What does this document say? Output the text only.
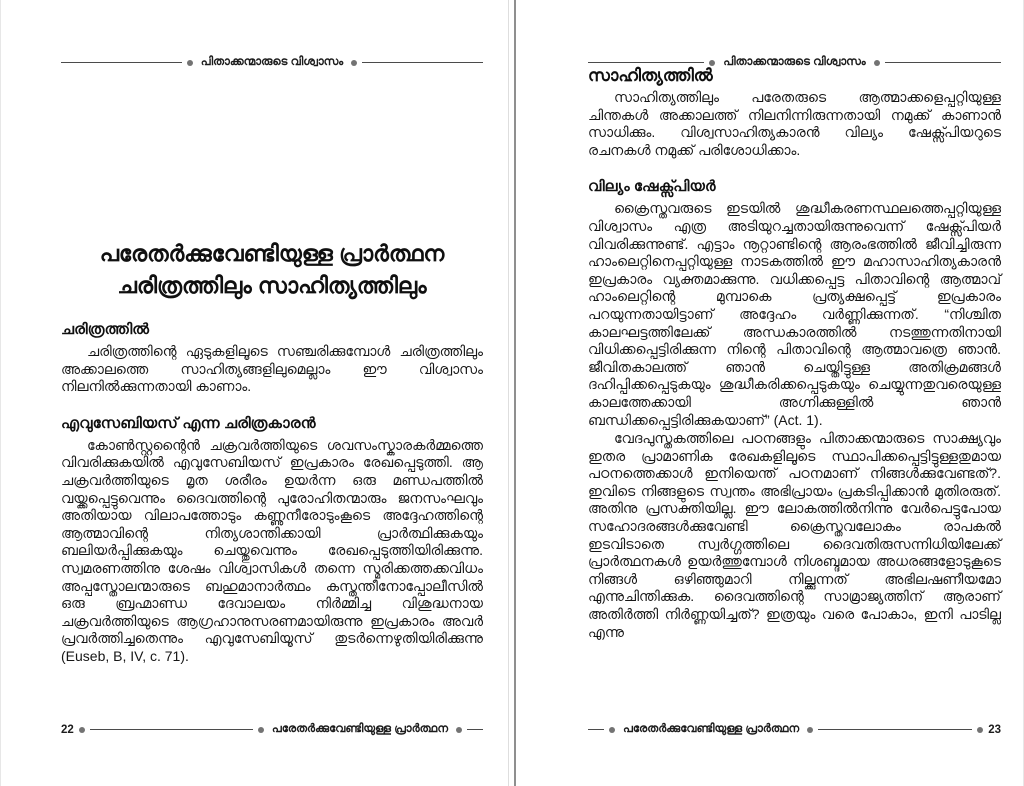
പിതാക്കന്മാരുടെ വിശ്വാസം
പരേതർക്കുവേണ്ടിയുള്ള പ്രാർത്ഥന
ചരിത്രത്തിലും സാഹിത്യത്തിലും
ചരിത്രത്തിൽ

ചരിത്രത്തിന്റെ ഏടുകളിലൂടെ സഞ്ചരിക്കുമ്പോൾ ചരിത്രത്തിലും അക്കാലത്തെ സാഹിത്യങ്ങളിലുമെല്ലാം ഈ വിശ്വാസം നിലനിൽക്കുന്നതായി കാണാം.

എവുസേബിയസ് എന്ന ചരിത്രകാരൻ

കോൺസ്റ്റന്റൈൻ ചക്രവർത്തിയുടെ ശവസംസ്കാരകർമ്മത്തെ വിവരിക്കുകയിൽ എവുസേബിയസ് ഇപ്രകാരം രേഖപ്പെടുത്തി. ആ ചക്രവർത്തിയുടെ മൃത ശരീരം ഉയർന്ന ഒരു മണ്ഡപത്തിൽ വയ്ക്കപ്പെട്ടുവെന്നും ദൈവത്തിന്റെ പുരോഹിതന്മാരും ജനസംഘവും അതിയായ വിലാപത്തോടും കണ്ണുനീരോടുംകൂടെ അദ്ദേഹത്തിന്റെ ആത്മാവിന്റെ നിത്യശാന്തിക്കായി പ്രാർത്ഥിക്കുകയും ബലിയർപ്പിക്കുകയും ചെയ്തുവെന്നും രേഖപ്പെടുത്തിയിരിക്കുന്നു. സ്വമരണത്തിനു ശേഷം വിശ്വാസികൾ തന്നെ സ്മരിക്കത്തക്കവിധം അപ്പസ്തോലന്മാരുടെ ബഹുമാനാർത്ഥം കസ്തന്തീനോപ്പോലീസിൽ ഒരു ബ്രഹ്മാണ്ഡ ദേവാലയം നിർമ്മിച്ച വിശുദ്ധനായ ചക്രവർത്തിയുടെ ആഗ്രഹാനുസരണമായിരുന്നു ഇപ്രകാരം അവർ പ്രവർത്തിച്ചതെന്നും എവുസേബിയൂസ് തുടർന്നെഴുതിയിരിക്കുന്നു (Euseb, B, IV, c. 71).

22	പരേതർക്കുവേണ്ടിയുള്ള പ്രാർത്ഥന
പിതാക്കന്മാരുടെ വിശ്വാസം
സാഹിത്യത്തിൽ

സാഹിത്യത്തിലും പരേതരുടെ ആത്മാക്കളെപ്പറ്റിയുള്ള ചിന്തകൾ അക്കാലത്ത് നിലനിന്നിരുന്നതായി നമുക്ക് കാണാൻ സാധിക്കും. വിശ്വസാഹിത്യകാരൻ വില്യം ഷേക്സ്പിയറുടെ രചനകൾ നമുക്ക് പരിശോധിക്കാം.

വില്യം ഷേക്സ്പിയർ

ക്രൈസ്തവരുടെ ഇടയിൽ ശുദ്ധീകരണസ്ഥലത്തെപ്പറ്റിയുള്ള വിശ്വാസം എത്ര അടിയുറച്ചതായിരുന്നുവെന്ന് ഷേക്സ്പിയർ വിവരിക്കുന്നുണ്ട്. എട്ടാം നൂറ്റാണ്ടിന്റെ ആരംഭത്തിൽ ജീവിച്ചിരുന്ന ഹാംലെറ്റിനെപ്പറ്റിയുള്ള നാടകത്തിൽ ഈ മഹാസാഹിത്യകാരൻ ഇപ്രകാരം വ്യക്തമാക്കുന്നു. വധിക്കപ്പെട്ട പിതാവിന്റെ ആത്മാവ് ഹാംലെറ്റിന്റെ മുമ്പാകെ പ്രത്യക്ഷപ്പെട്ട് ഇപ്രകാരം പറയുന്നതായിട്ടാണ് അദ്ദേഹം വർണ്ണിക്കുന്നത്. “നിശ്ചിത കാലഘട്ടത്തിലേക്ക് അന്ധകാരത്തിൽ നടത്തുന്നതിനായി വിധിക്കപ്പെട്ടിരിക്കുന്ന നിന്റെ പിതാവിന്റെ ആത്മാവത്രെ ഞാൻ. ജീവിതകാലത്ത് ഞാൻ ചെയ്തിട്ടുള്ള അതിക്രമങ്ങൾ ദഹിപ്പിക്കപ്പെടുകയും ശുദ്ധീകരിക്കപ്പെടുകയും ചെയ്യുന്നതുവരെയുള്ള കാലത്തേക്കായി അഗ്നിക്കുള്ളിൽ ഞാൻ ബന്ധിക്കപ്പെട്ടിരിക്കുകയാണ്” (Act. 1).

വേദപുസ്തകത്തിലെ പഠനങ്ങളും പിതാക്കന്മാരുടെ സാക്ഷ്യവും ഇതര പ്രാമാണിക രേഖകളിലൂടെ സ്ഥാപിക്കപ്പെട്ടിട്ടുള്ളതുമായ പഠനത്തെക്കാൾ ഇനിയെന്ത് പഠനമാണ് നിങ്ങൾക്കുവേണ്ടത്?. ഇവിടെ നിങ്ങളുടെ സ്വന്തം അഭിപ്രായം പ്രകടിപ്പിക്കാൻ മുതിരരുത്. അതിനു പ്രസക്തിയില്ല. ഈ ലോകത്തിൽനിന്നു വേർപെട്ടുപോയ സഹോദരങ്ങൾക്കുവേണ്ടി ക്രൈസ്തവലോകം രാപകൽ ഇടവിടാതെ സ്വർഗ്ഗത്തിലെ ദൈവതിരുസന്നിധിയിലേക്ക് പ്രാർത്ഥനകൾ ഉയർത്തുമ്പോൾ നിശബ്ദമായ അധരങ്ങളോടുകൂടെ നിങ്ങൾ ഒഴിഞ്ഞുമാറി നില്ക്കുന്നത് അഭിലഷണീയമോ എന്നുചിന്തിക്കുക. ദൈവത്തിന്റെ സാമ്രാജ്യത്തിന് ആരാണ് അതിർത്തി നിർണ്ണയിച്ചത്? ഇത്രയും വരെ പോകാം, ഇനി പാടില്ല എന്നു

പരേതർക്കുവേണ്ടിയുള്ള പ്രാർത്ഥന	23
